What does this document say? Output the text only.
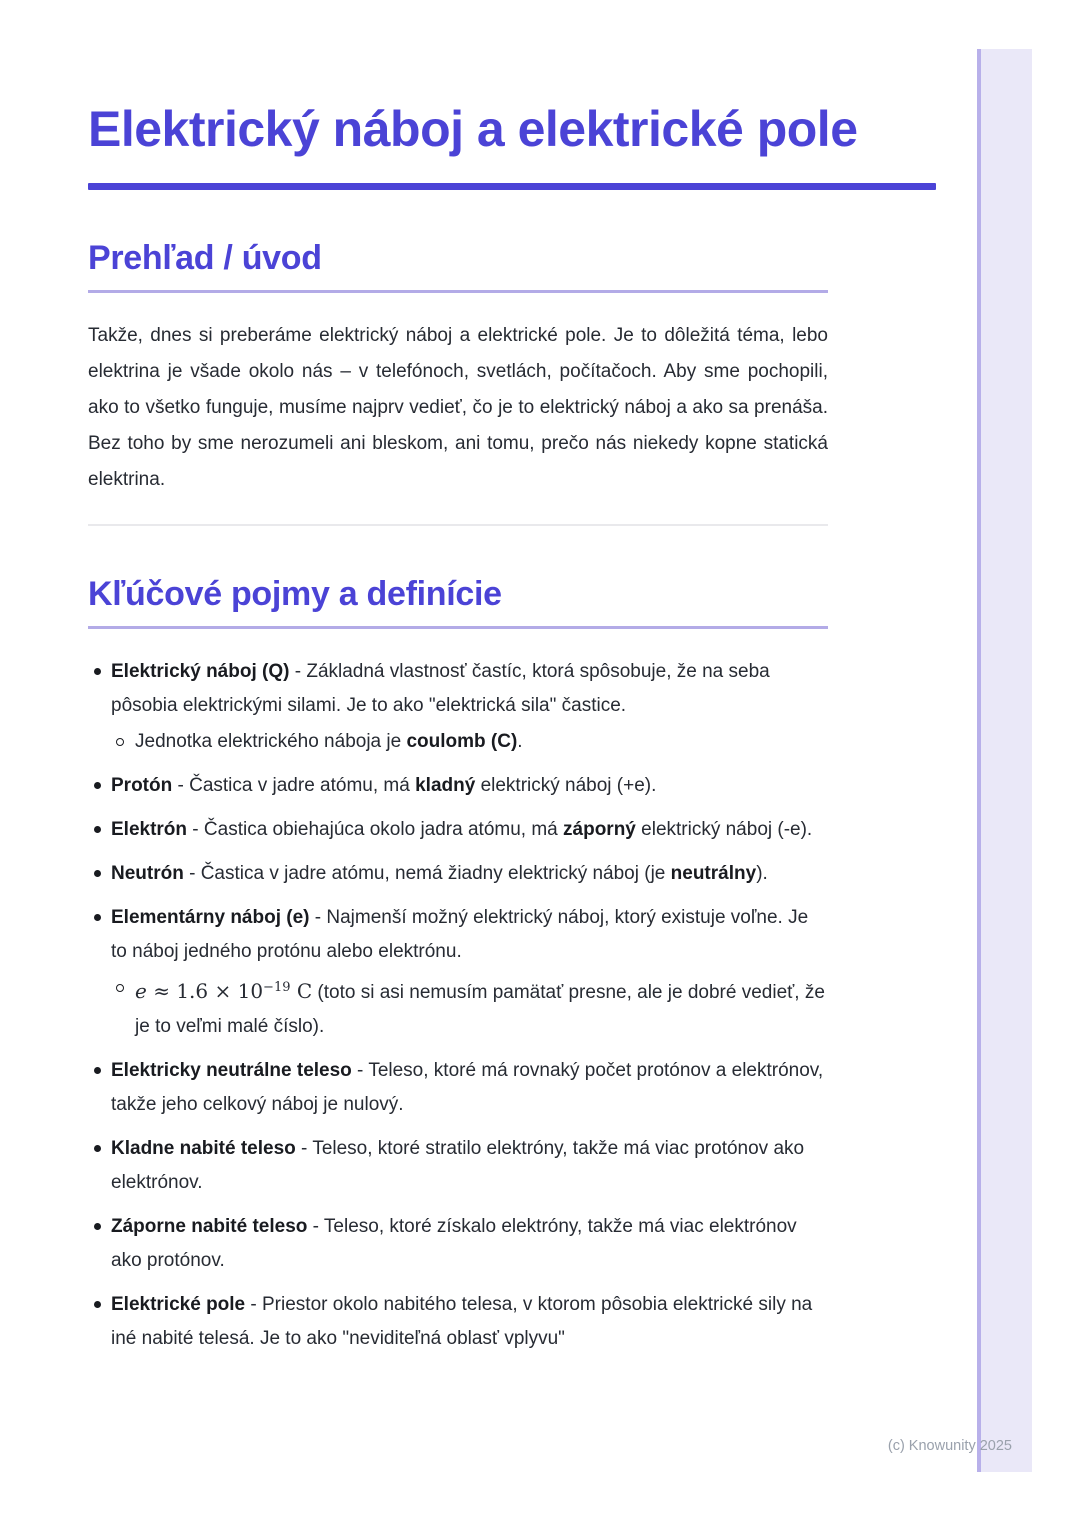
Elektrický náboj a elektrické pole
Prehľad / úvod

Takže, dnes si preberáme elektrický náboj a elektrické pole. Je to dôležitá téma, lebo elektrina je všade okolo nás – v telefónoch, svetlách, počítačoch. Aby sme pochopili, ako to všetko funguje, musíme najprv vedieť, čo je to elektrický náboj a ako sa prenáša. Bez toho by sme nerozumeli ani bleskom, ani tomu, prečo nás niekedy kopne statická elektrina.

Kľúčové pojmy a definície
Elektrický náboj (Q) - Základná vlastnosť častíc, ktorá spôsobuje, že na seba pôsobia elektrickými silami. Je to ako "elektrická sila" častice.
Jednotka elektrického náboja je coulomb (C).
Protón - Častica v jadre atómu, má kladný elektrický náboj (+e).
Elektrón - Častica obiehajúca okolo jadra atómu, má záporný elektrický náboj (-e).
Neutrón - Častica v jadre atómu, nemá žiadny elektrický náboj (je neutrálny).
Elementárny náboj (e) - Najmenší možný elektrický náboj, ktorý existuje voľne. Je to náboj jedného protónu alebo elektrónu.
$e \approx 1.6 \times 10^{-19}$ C (toto si asi nemusím pamätať presne, ale je dobré vedieť, že je to veľmi malé číslo).
Elektricky neutrálne teleso - Teleso, ktoré má rovnaký počet protónov a elektrónov, takže jeho celkový náboj je nulový.
Kladne nabité teleso - Teleso, ktoré stratilo elektróny, takže má viac protónov ako elektrónov.
Záporne nabité teleso - Teleso, ktoré získalo elektróny, takže má viac elektrónov ako protónov.
Elektrické pole - Priestor okolo nabitého telesa, v ktorom pôsobia elektrické sily na iné nabité telesá. Je to ako "neviditeľná oblasť vplyvu"
(c) Knowunity 2025
